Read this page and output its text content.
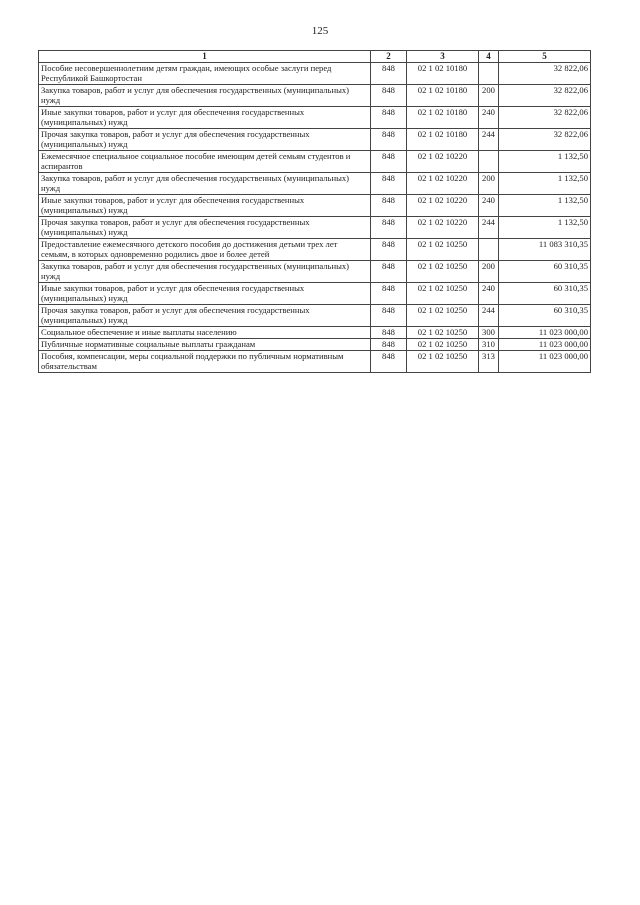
125
1	2	3	4	5
Пособие несовершеннолетним детям граждан, имеющих особые заслуги перед Республикой Башкортостан	848	02 1 02 10180		32 822,06
Закупка товаров, работ и услуг для обеспечения государственных (муниципальных) нужд	848	02 1 02 10180	200	32 822,06
Иные закупки товаров, работ и услуг для обеспечения государственных (муниципальных) нужд	848	02 1 02 10180	240	32 822,06
Прочая закупка товаров, работ и услуг для обеспечения государственных (муниципальных) нужд	848	02 1 02 10180	244	32 822,06
Ежемесячное специальное социальное пособие имеющим детей семьям студентов и аспирантов	848	02 1 02 10220		1 132,50
Закупка товаров, работ и услуг для обеспечения государственных (муниципальных) нужд	848	02 1 02 10220	200	1 132,50
Иные закупки товаров, работ и услуг для обеспечения государственных (муниципальных) нужд	848	02 1 02 10220	240	1 132,50
Прочая закупка товаров, работ и услуг для обеспечения государственных (муниципальных) нужд	848	02 1 02 10220	244	1 132,50
Предоставление ежемесячного детского пособия до достижения детьми трех лет семьям, в которых одновременно родились двое и более детей	848	02 1 02 10250		11 083 310,35
Закупка товаров, работ и услуг для обеспечения государственных (муниципальных) нужд	848	02 1 02 10250	200	60 310,35
Иные закупки товаров, работ и услуг для обеспечения государственных (муниципальных) нужд	848	02 1 02 10250	240	60 310,35
Прочая закупка товаров, работ и услуг для обеспечения государственных (муниципальных) нужд	848	02 1 02 10250	244	60 310,35
Социальное обеспечение и иные выплаты населению	848	02 1 02 10250	300	11 023 000,00
Публичные нормативные социальные выплаты гражданам	848	02 1 02 10250	310	11 023 000,00
Пособия, компенсации, меры социальной поддержки по публичным нормативным обязательствам	848	02 1 02 10250	313	11 023 000,00
